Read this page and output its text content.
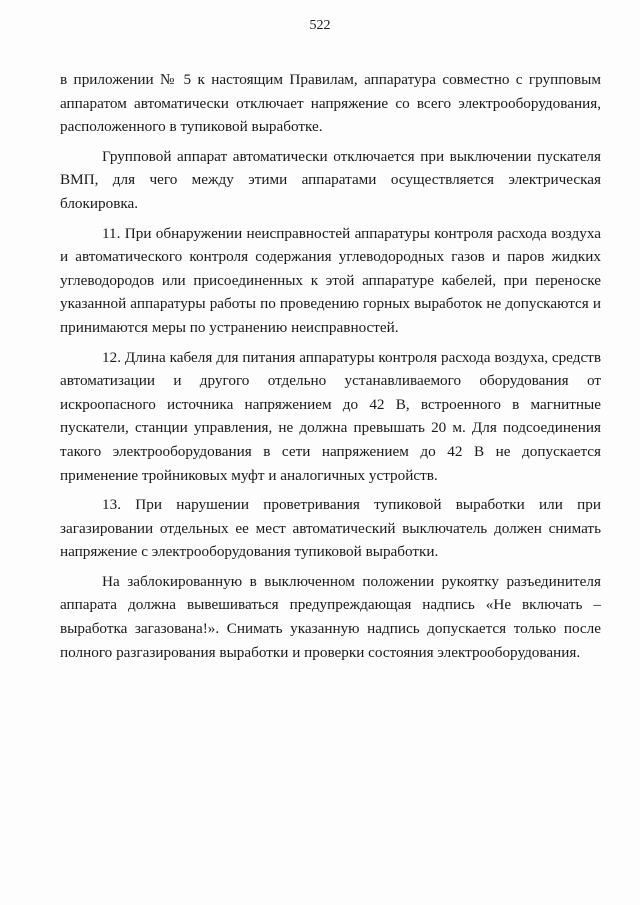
522

в приложении № 5 к настоящим Правилам, аппаратура совместно с групповым аппаратом автоматически отключает напряжение со всего электрооборудования, расположенного в тупиковой выработке.

Групповой аппарат автоматически отключается при выключении пускателя ВМП, для чего между этими аппаратами осуществляется электрическая блокировка.

11. При обнаружении неисправностей аппаратуры контроля расхода воздуха и автоматического контроля содержания углеводородных газов и паров жидких углеводородов или присоединенных к этой аппаратуре кабелей, при переноске указанной аппаратуры работы по проведению горных выработок не допускаются и принимаются меры по устранению неисправностей.

12. Длина кабеля для питания аппаратуры контроля расхода воздуха, средств автоматизации и другого отдельно устанавливаемого оборудования от искроопасного источника напряжением до 42 В, встроенного в магнитные пускатели, станции управления, не должна превышать 20 м. Для подсоединения такого электрооборудования в сети напряжением до 42 В не допускается применение тройниковых муфт и аналогичных устройств.

13. При нарушении проветривания тупиковой выработки или при загазировании отдельных ее мест автоматический выключатель должен снимать напряжение с электрооборудования тупиковой выработки.

На заблокированную в выключенном положении рукоятку разъединителя аппарата должна вывешиваться предупреждающая надпись «Не включать – выработка загазована!». Снимать указанную надпись допускается только после полного разгазирования выработки и проверки состояния электрооборудования.
